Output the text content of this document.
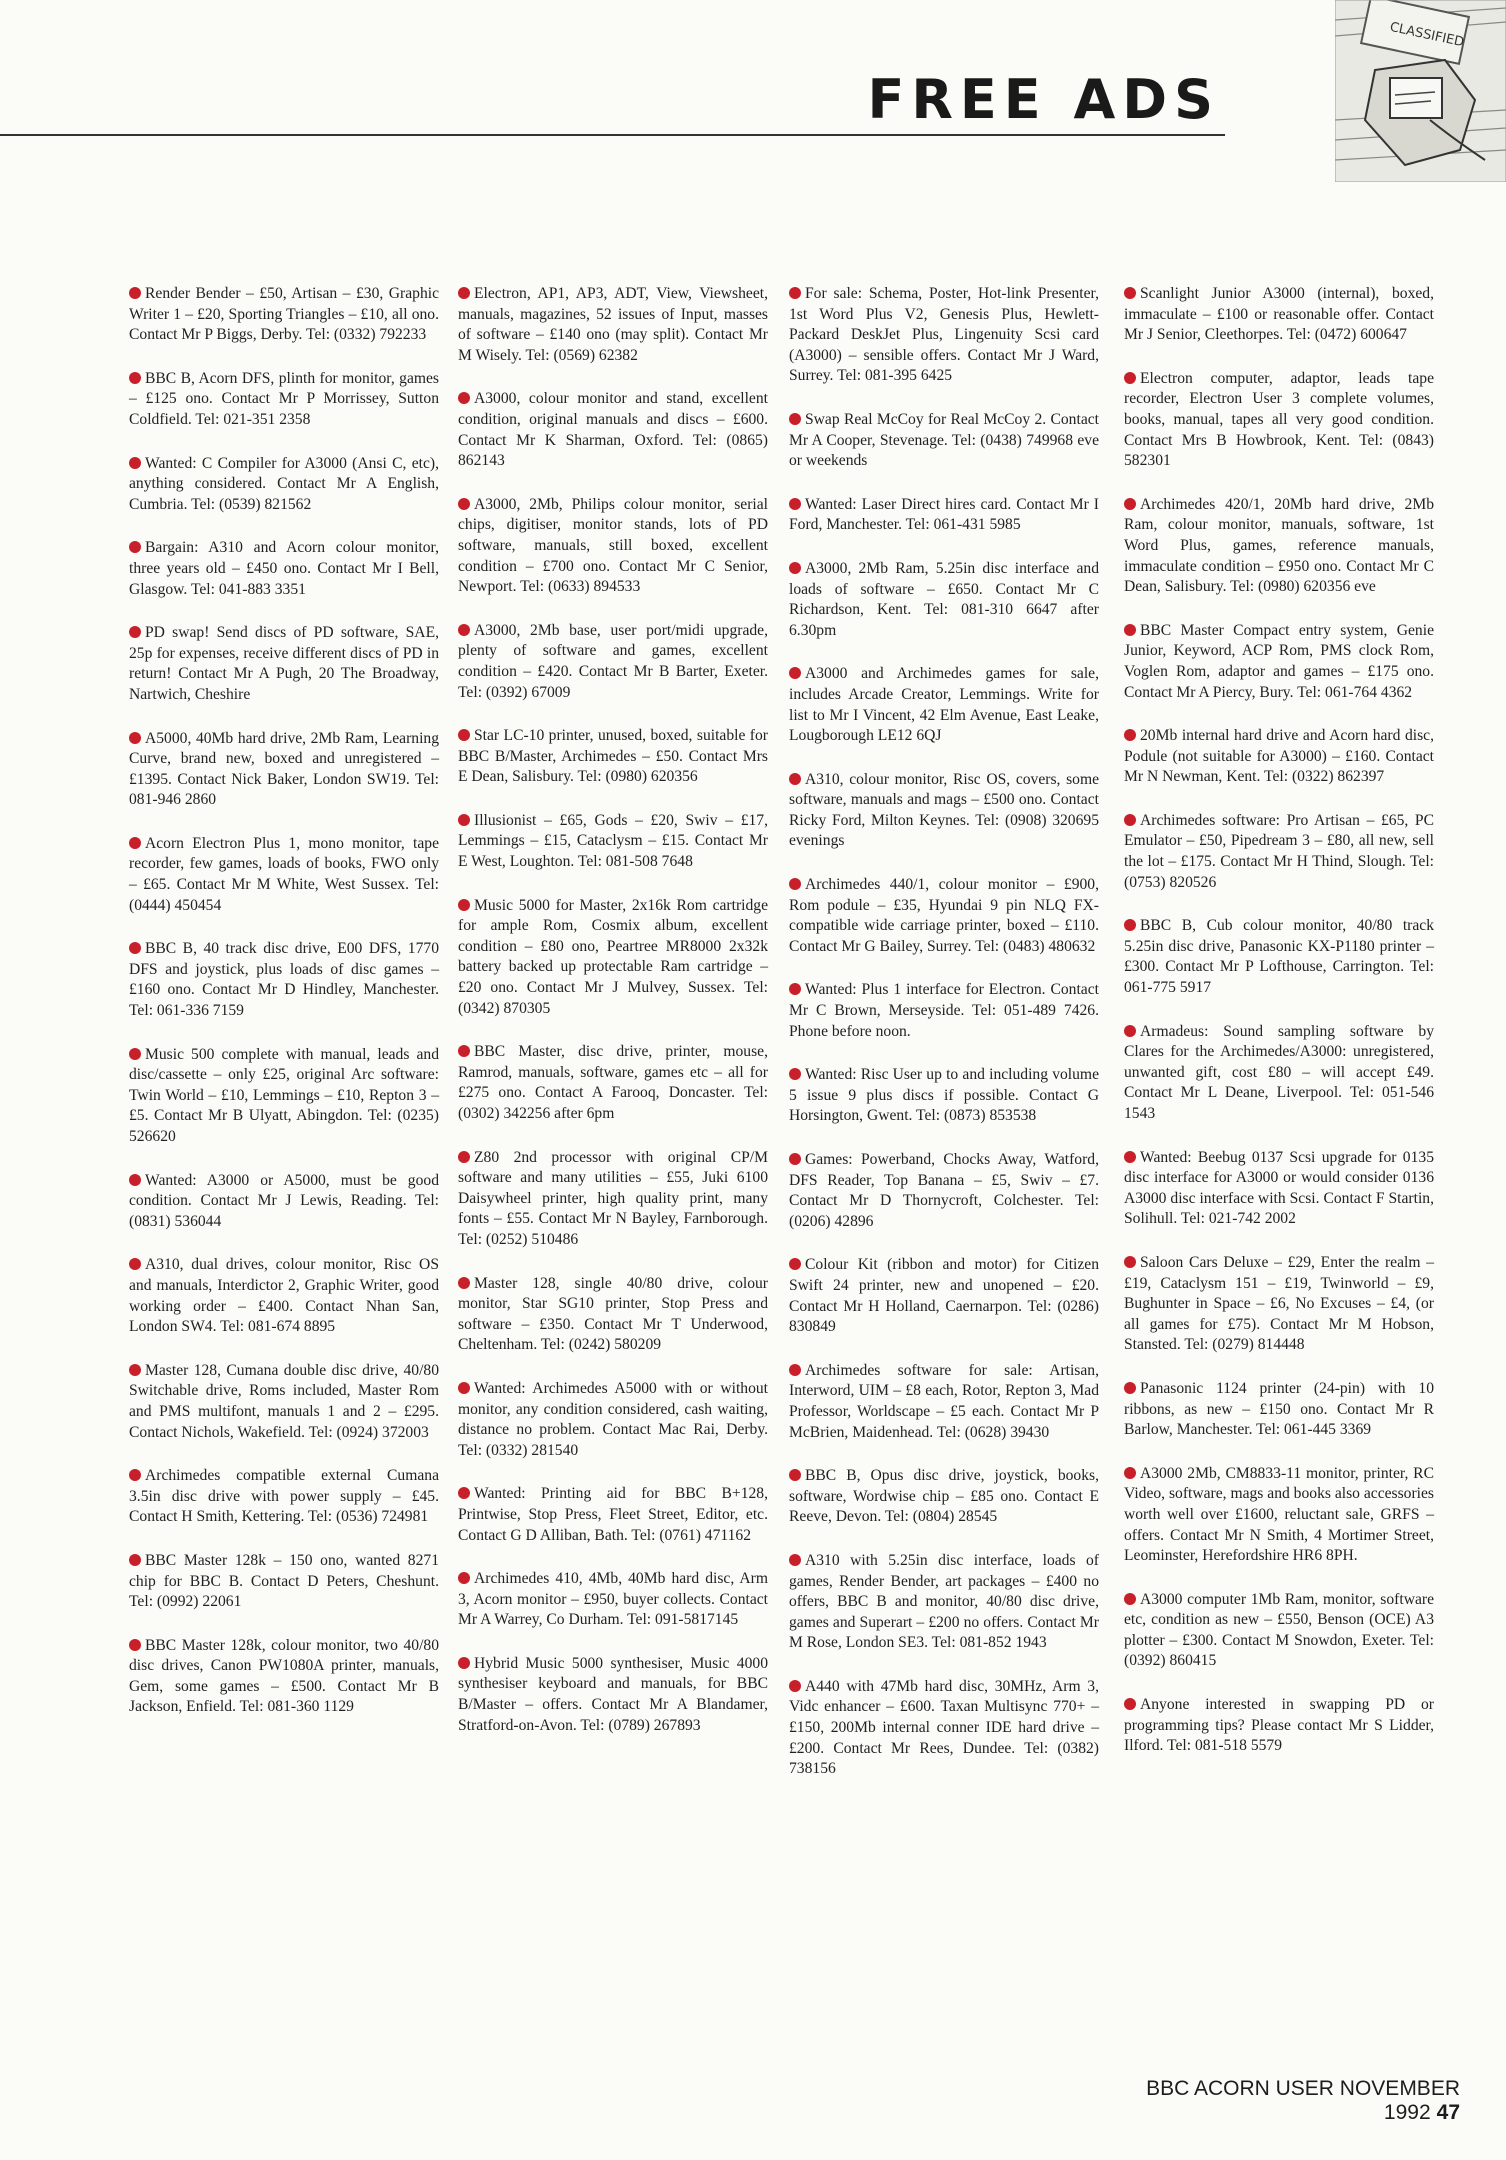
FREE ADS
CLASSIFIED

Render Bender – £50, Artisan – £30, Graphic Writer 1 – £20, Sporting Triangles – £10, all ono. Contact Mr P Biggs, Derby. Tel: (0332) 792233

BBC B, Acorn DFS, plinth for monitor, games – £125 ono. Contact Mr P Morrissey, Sutton Coldfield. Tel: 021-351 2358

Wanted: C Compiler for A3000 (Ansi C, etc), anything considered. Contact Mr A English, Cumbria. Tel: (0539) 821562

Bargain: A310 and Acorn colour monitor, three years old – £450 ono. Contact Mr I Bell, Glasgow. Tel: 041-883 3351

PD swap! Send discs of PD software, SAE, 25p for expenses, receive different discs of PD in return! Contact Mr A Pugh, 20 The Broadway, Nartwich, Cheshire

A5000, 40Mb hard drive, 2Mb Ram, Learning Curve, brand new, boxed and unregistered – £1395. Contact Nick Baker, London SW19. Tel: 081-946 2860

Acorn Electron Plus 1, mono monitor, tape recorder, few games, loads of books, FWO only – £65. Contact Mr M White, West Sussex. Tel: (0444) 450454

BBC B, 40 track disc drive, E00 DFS, 1770 DFS and joystick, plus loads of disc games – £160 ono. Contact Mr D Hindley, Manchester. Tel: 061-336 7159

Music 500 complete with manual, leads and disc/cassette – only £25, original Arc software: Twin World – £10, Lemmings – £10, Repton 3 – £5. Contact Mr B Ulyatt, Abingdon. Tel: (0235) 526620

Wanted: A3000 or A5000, must be good condition. Contact Mr J Lewis, Reading. Tel: (0831) 536044

A310, dual drives, colour monitor, Risc OS and manuals, Interdictor 2, Graphic Writer, good working order – £400. Contact Nhan San, London SW4. Tel: 081-674 8895

Master 128, Cumana double disc drive, 40/80 Switchable drive, Roms included, Master Rom and PMS multifont, manuals 1 and 2 – £295. Contact Nichols, Wakefield. Tel: (0924) 372003

Archimedes compatible external Cumana 3.5in disc drive with power supply – £45. Contact H Smith, Kettering. Tel: (0536) 724981

BBC Master 128k – 150 ono, wanted 8271 chip for BBC B. Contact D Peters, Cheshunt. Tel: (0992) 22061

BBC Master 128k, colour monitor, two 40/80 disc drives, Canon PW1080A printer, manuals, Gem, some games – £500. Contact Mr B Jackson, Enfield. Tel: 081-360 1129

Electron, AP1, AP3, ADT, View, Viewsheet, manuals, magazines, 52 issues of Input, masses of software – £140 ono (may split). Contact Mr M Wisely. Tel: (0569) 62382

A3000, colour monitor and stand, excellent condition, original manuals and discs – £600. Contact Mr K Sharman, Oxford. Tel: (0865) 862143

A3000, 2Mb, Philips colour monitor, serial chips, digitiser, monitor stands, lots of PD software, manuals, still boxed, excellent condition – £700 ono. Contact Mr C Senior, Newport. Tel: (0633) 894533

A3000, 2Mb base, user port/midi upgrade, plenty of software and games, excellent condition – £420. Contact Mr B Barter, Exeter. Tel: (0392) 67009

Star LC-10 printer, unused, boxed, suitable for BBC B/Master, Archimedes – £50. Contact Mrs E Dean, Salisbury. Tel: (0980) 620356

Illusionist – £65, Gods – £20, Swiv – £17, Lemmings – £15, Cataclysm – £15. Contact Mr E West, Loughton. Tel: 081-508 7648

Music 5000 for Master, 2x16k Rom cartridge for ample Rom, Cosmix album, excellent condition – £80 ono, Peartree MR8000 2x32k battery backed up protectable Ram cartridge – £20 ono. Contact Mr J Mulvey, Sussex. Tel: (0342) 870305

BBC Master, disc drive, printer, mouse, Ramrod, manuals, software, games etc – all for £275 ono. Contact A Farooq, Doncaster. Tel: (0302) 342256 after 6pm

Z80 2nd processor with original CP/M software and many utilities – £55, Juki 6100 Daisywheel printer, high quality print, many fonts – £55. Contact Mr N Bayley, Farnborough. Tel: (0252) 510486

Master 128, single 40/80 drive, colour monitor, Star SG10 printer, Stop Press and software – £350. Contact Mr T Underwood, Cheltenham. Tel: (0242) 580209

Wanted: Archimedes A5000 with or without monitor, any condition considered, cash waiting, distance no problem. Contact Mac Rai, Derby. Tel: (0332) 281540

Wanted: Printing aid for BBC B+128, Printwise, Stop Press, Fleet Street, Editor, etc. Contact G D Alliban, Bath. Tel: (0761) 471162

Archimedes 410, 4Mb, 40Mb hard disc, Arm 3, Acorn monitor – £950, buyer collects. Contact Mr A Warrey, Co Durham. Tel: 091-5817145

Hybrid Music 5000 synthesiser, Music 4000 synthesiser keyboard and manuals, for BBC B/Master – offers. Contact Mr A Blandamer, Stratford-on-Avon. Tel: (0789) 267893

For sale: Schema, Poster, Hot-link Presenter, 1st Word Plus V2, Genesis Plus, Hewlett-Packard DeskJet Plus, Lingenuity Scsi card (A3000) – sensible offers. Contact Mr J Ward, Surrey. Tel: 081-395 6425

Swap Real McCoy for Real McCoy 2. Contact Mr A Cooper, Stevenage. Tel: (0438) 749968 eve or weekends

Wanted: Laser Direct hires card. Contact Mr I Ford, Manchester. Tel: 061-431 5985

A3000, 2Mb Ram, 5.25in disc interface and loads of software – £650. Contact Mr C Richardson, Kent. Tel: 081-310 6647 after 6.30pm

A3000 and Archimedes games for sale, includes Arcade Creator, Lemmings. Write for list to Mr I Vincent, 42 Elm Avenue, East Leake, Lougborough LE12 6QJ

A310, colour monitor, Risc OS, covers, some software, manuals and mags – £500 ono. Contact Ricky Ford, Milton Keynes. Tel: (0908) 320695 evenings

Archimedes 440/1, colour monitor – £900, Rom podule – £35, Hyundai 9 pin NLQ FX-compatible wide carriage printer, boxed – £110. Contact Mr G Bailey, Surrey. Tel: (0483) 480632

Wanted: Plus 1 interface for Electron. Contact Mr C Brown, Merseyside. Tel: 051-489 7426. Phone before noon.

Wanted: Risc User up to and including volume 5 issue 9 plus discs if possible. Contact G Horsington, Gwent. Tel: (0873) 853538

Games: Powerband, Chocks Away, Watford, DFS Reader, Top Banana – £5, Swiv – £7. Contact Mr D Thornycroft, Colchester. Tel: (0206) 42896

Colour Kit (ribbon and motor) for Citizen Swift 24 printer, new and unopened – £20. Contact Mr H Holland, Caernarpon. Tel: (0286) 830849

Archimedes software for sale: Artisan, Interword, UIM – £8 each, Rotor, Repton 3, Mad Professor, Worldscape – £5 each. Contact Mr P McBrien, Maidenhead. Tel: (0628) 39430

BBC B, Opus disc drive, joystick, books, software, Wordwise chip – £85 ono. Contact E Reeve, Devon. Tel: (0804) 28545

A310 with 5.25in disc interface, loads of games, Render Bender, art packages – £400 no offers, BBC B and monitor, 40/80 disc drive, games and Superart – £200 no offers. Contact Mr M Rose, London SE3. Tel: 081-852 1943

A440 with 47Mb hard disc, 30MHz, Arm 3, Vidc enhancer – £600. Taxan Multisync 770+ – £150, 200Mb internal conner IDE hard drive – £200. Contact Mr Rees, Dundee. Tel: (0382) 738156

Scanlight Junior A3000 (internal), boxed, immaculate – £100 or reasonable offer. Contact Mr J Senior, Cleethorpes. Tel: (0472) 600647

Electron computer, adaptor, leads tape recorder, Electron User 3 complete volumes, books, manual, tapes all very good condition. Contact Mrs B Howbrook, Kent. Tel: (0843) 582301

Archimedes 420/1, 20Mb hard drive, 2Mb Ram, colour monitor, manuals, software, 1st Word Plus, games, reference manuals, immaculate condition – £950 ono. Contact Mr C Dean, Salisbury. Tel: (0980) 620356 eve

BBC Master Compact entry system, Genie Junior, Keyword, ACP Rom, PMS clock Rom, Voglen Rom, adaptor and games – £175 ono. Contact Mr A Piercy, Bury. Tel: 061-764 4362

20Mb internal hard drive and Acorn hard disc, Podule (not suitable for A3000) – £160. Contact Mr N Newman, Kent. Tel: (0322) 862397

Archimedes software: Pro Artisan – £65, PC Emulator – £50, Pipedream 3 – £80, all new, sell the lot – £175. Contact Mr H Thind, Slough. Tel: (0753) 820526

BBC B, Cub colour monitor, 40/80 track 5.25in disc drive, Panasonic KX-P1180 printer – £300. Contact Mr P Lofthouse, Carrington. Tel: 061-775 5917

Armadeus: Sound sampling software by Clares for the Archimedes/A3000: unregistered, unwanted gift, cost £80 – will accept £49. Contact Mr L Deane, Liverpool. Tel: 051-546 1543

Wanted: Beebug 0137 Scsi upgrade for 0135 disc interface for A3000 or would consider 0136 A3000 disc interface with Scsi. Contact F Startin, Solihull. Tel: 021-742 2002

Saloon Cars Deluxe – £29, Enter the realm – £19, Cataclysm 151 – £19, Twinworld – £9, Bughunter in Space – £6, No Excuses – £4, (or all games for £75). Contact Mr M Hobson, Stansted. Tel: (0279) 814448

Panasonic 1124 printer (24-pin) with 10 ribbons, as new – £150 ono. Contact Mr R Barlow, Manchester. Tel: 061-445 3369

A3000 2Mb, CM8833-11 monitor, printer, RC Video, software, mags and books also accessories worth well over £1600, reluctant sale, GRFS – offers. Contact Mr N Smith, 4 Mortimer Street, Leominster, Herefordshire HR6 8PH.

A3000 computer 1Mb Ram, monitor, software etc, condition as new – £550, Benson (OCE) A3 plotter – £300. Contact M Snowdon, Exeter. Tel: (0392) 860415

Anyone interested in swapping PD or programming tips? Please contact Mr S Lidder, Ilford. Tel: 081-518 5579

BBC ACORN USER NOVEMBER 1992 47
